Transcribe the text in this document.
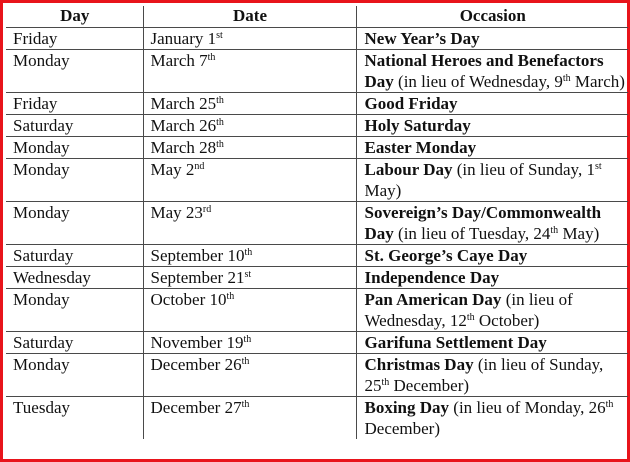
Day	Date	Occasion
Friday	January 1st	New Year’s Day
Monday	March 7th	National Heroes and Benefactors Day (in lieu of Wednesday, 9th March)
Friday	March 25th	Good Friday
Saturday	March 26th	Holy Saturday
Monday	March 28th	Easter Monday
Monday	May 2nd	Labour Day (in lieu of Sunday, 1st May)
Monday	May 23rd	Sovereign’s Day/Commonwealth Day (in lieu of Tuesday, 24th May)
Saturday	September 10th	St. George’s Caye Day
Wednesday	September 21st	Independence Day
Monday	October 10th	Pan American Day (in lieu of Wednesday, 12th October)
Saturday	November 19th	Garifuna Settlement Day
Monday	December 26th	Christmas Day (in lieu of Sunday, 25th December)
Tuesday	December 27th	Boxing Day (in lieu of Monday, 26th December)
